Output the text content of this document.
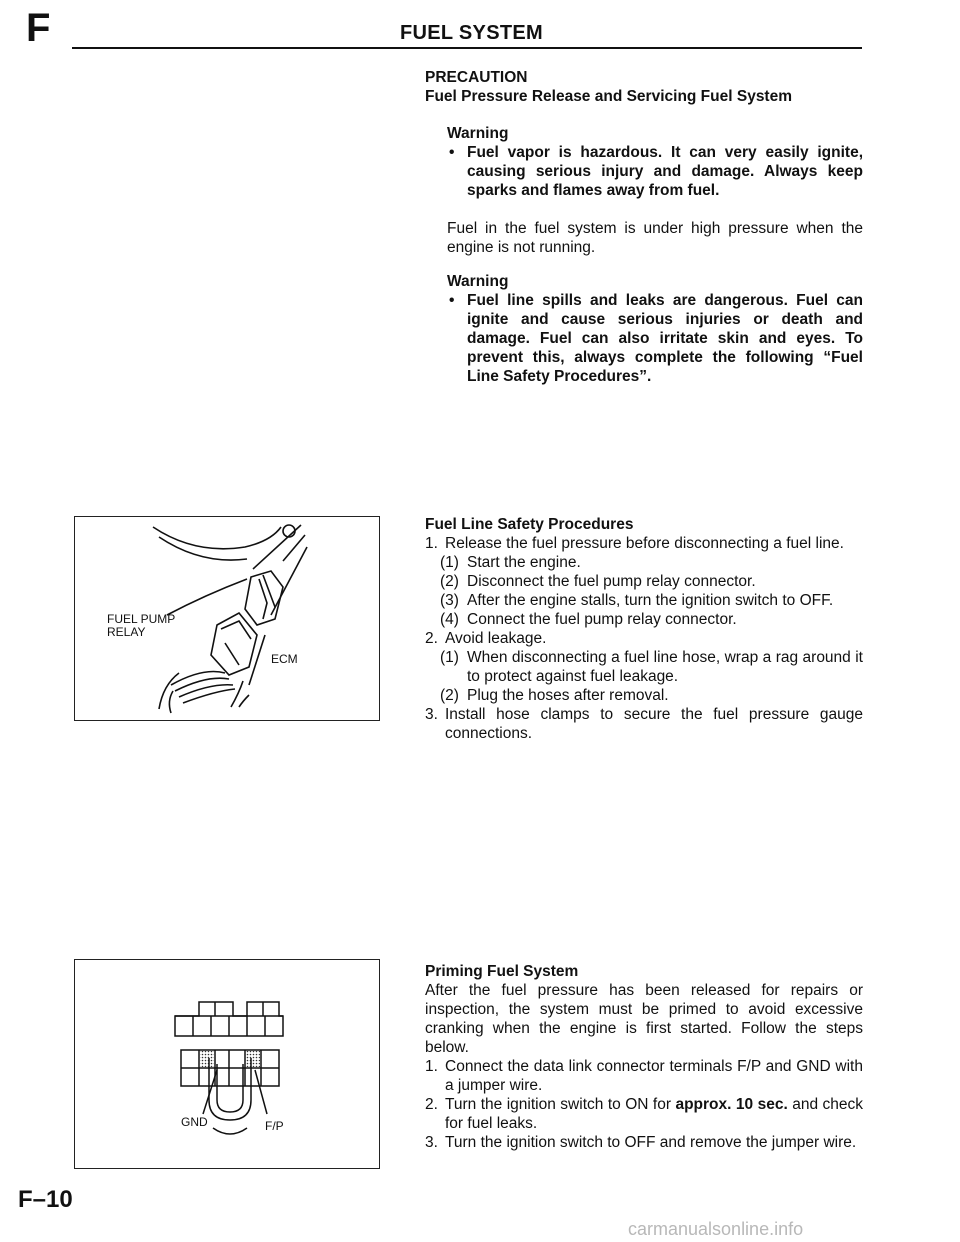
F	FUEL SYSTEM

PRECAUTION

Fuel Pressure Release and Servicing Fuel System

Warning

• Fuel vapor is hazardous. It can very easily ignite, causing serious injury and damage. Always keep sparks and flames away from fuel.
Fuel in the fuel system is under high pressure when the engine is not running.

Warning

• Fuel line spills and leaks are dangerous. Fuel can ignite and cause serious injuries or death and damage. Fuel can also irritate skin and eyes. To prevent this, always complete the following “Fuel Line Safety Procedures”.
FUEL PUMP
RELAY
ECM

Fuel Line Safety Procedures

1. Release the fuel pressure before disconnecting a fuel line.
(1) Start the engine.
(2) Disconnect the fuel pump relay connector.
(3) After the engine stalls, turn the ignition switch to OFF.
(4) Connect the fuel pump relay connector.
2. Avoid leakage.
(1) When disconnecting a fuel line hose, wrap a rag around it to protect against fuel leakage.
(2) Plug the hoses after removal.
3. Install hose clamps to secure the fuel pressure gauge connections.
GND	F/P

Priming Fuel System

After the fuel pressure has been released for repairs or inspection, the system must be primed to avoid excessive cranking when the engine is first started. Follow the steps below.

1. Connect the data link connector terminals F/P and GND with a jumper wire.
2. Turn the ignition switch to ON for approx. 10 sec. and check for fuel leaks.
3. Turn the ignition switch to OFF and remove the jumper wire.
F–10
carmanualsonline.info
